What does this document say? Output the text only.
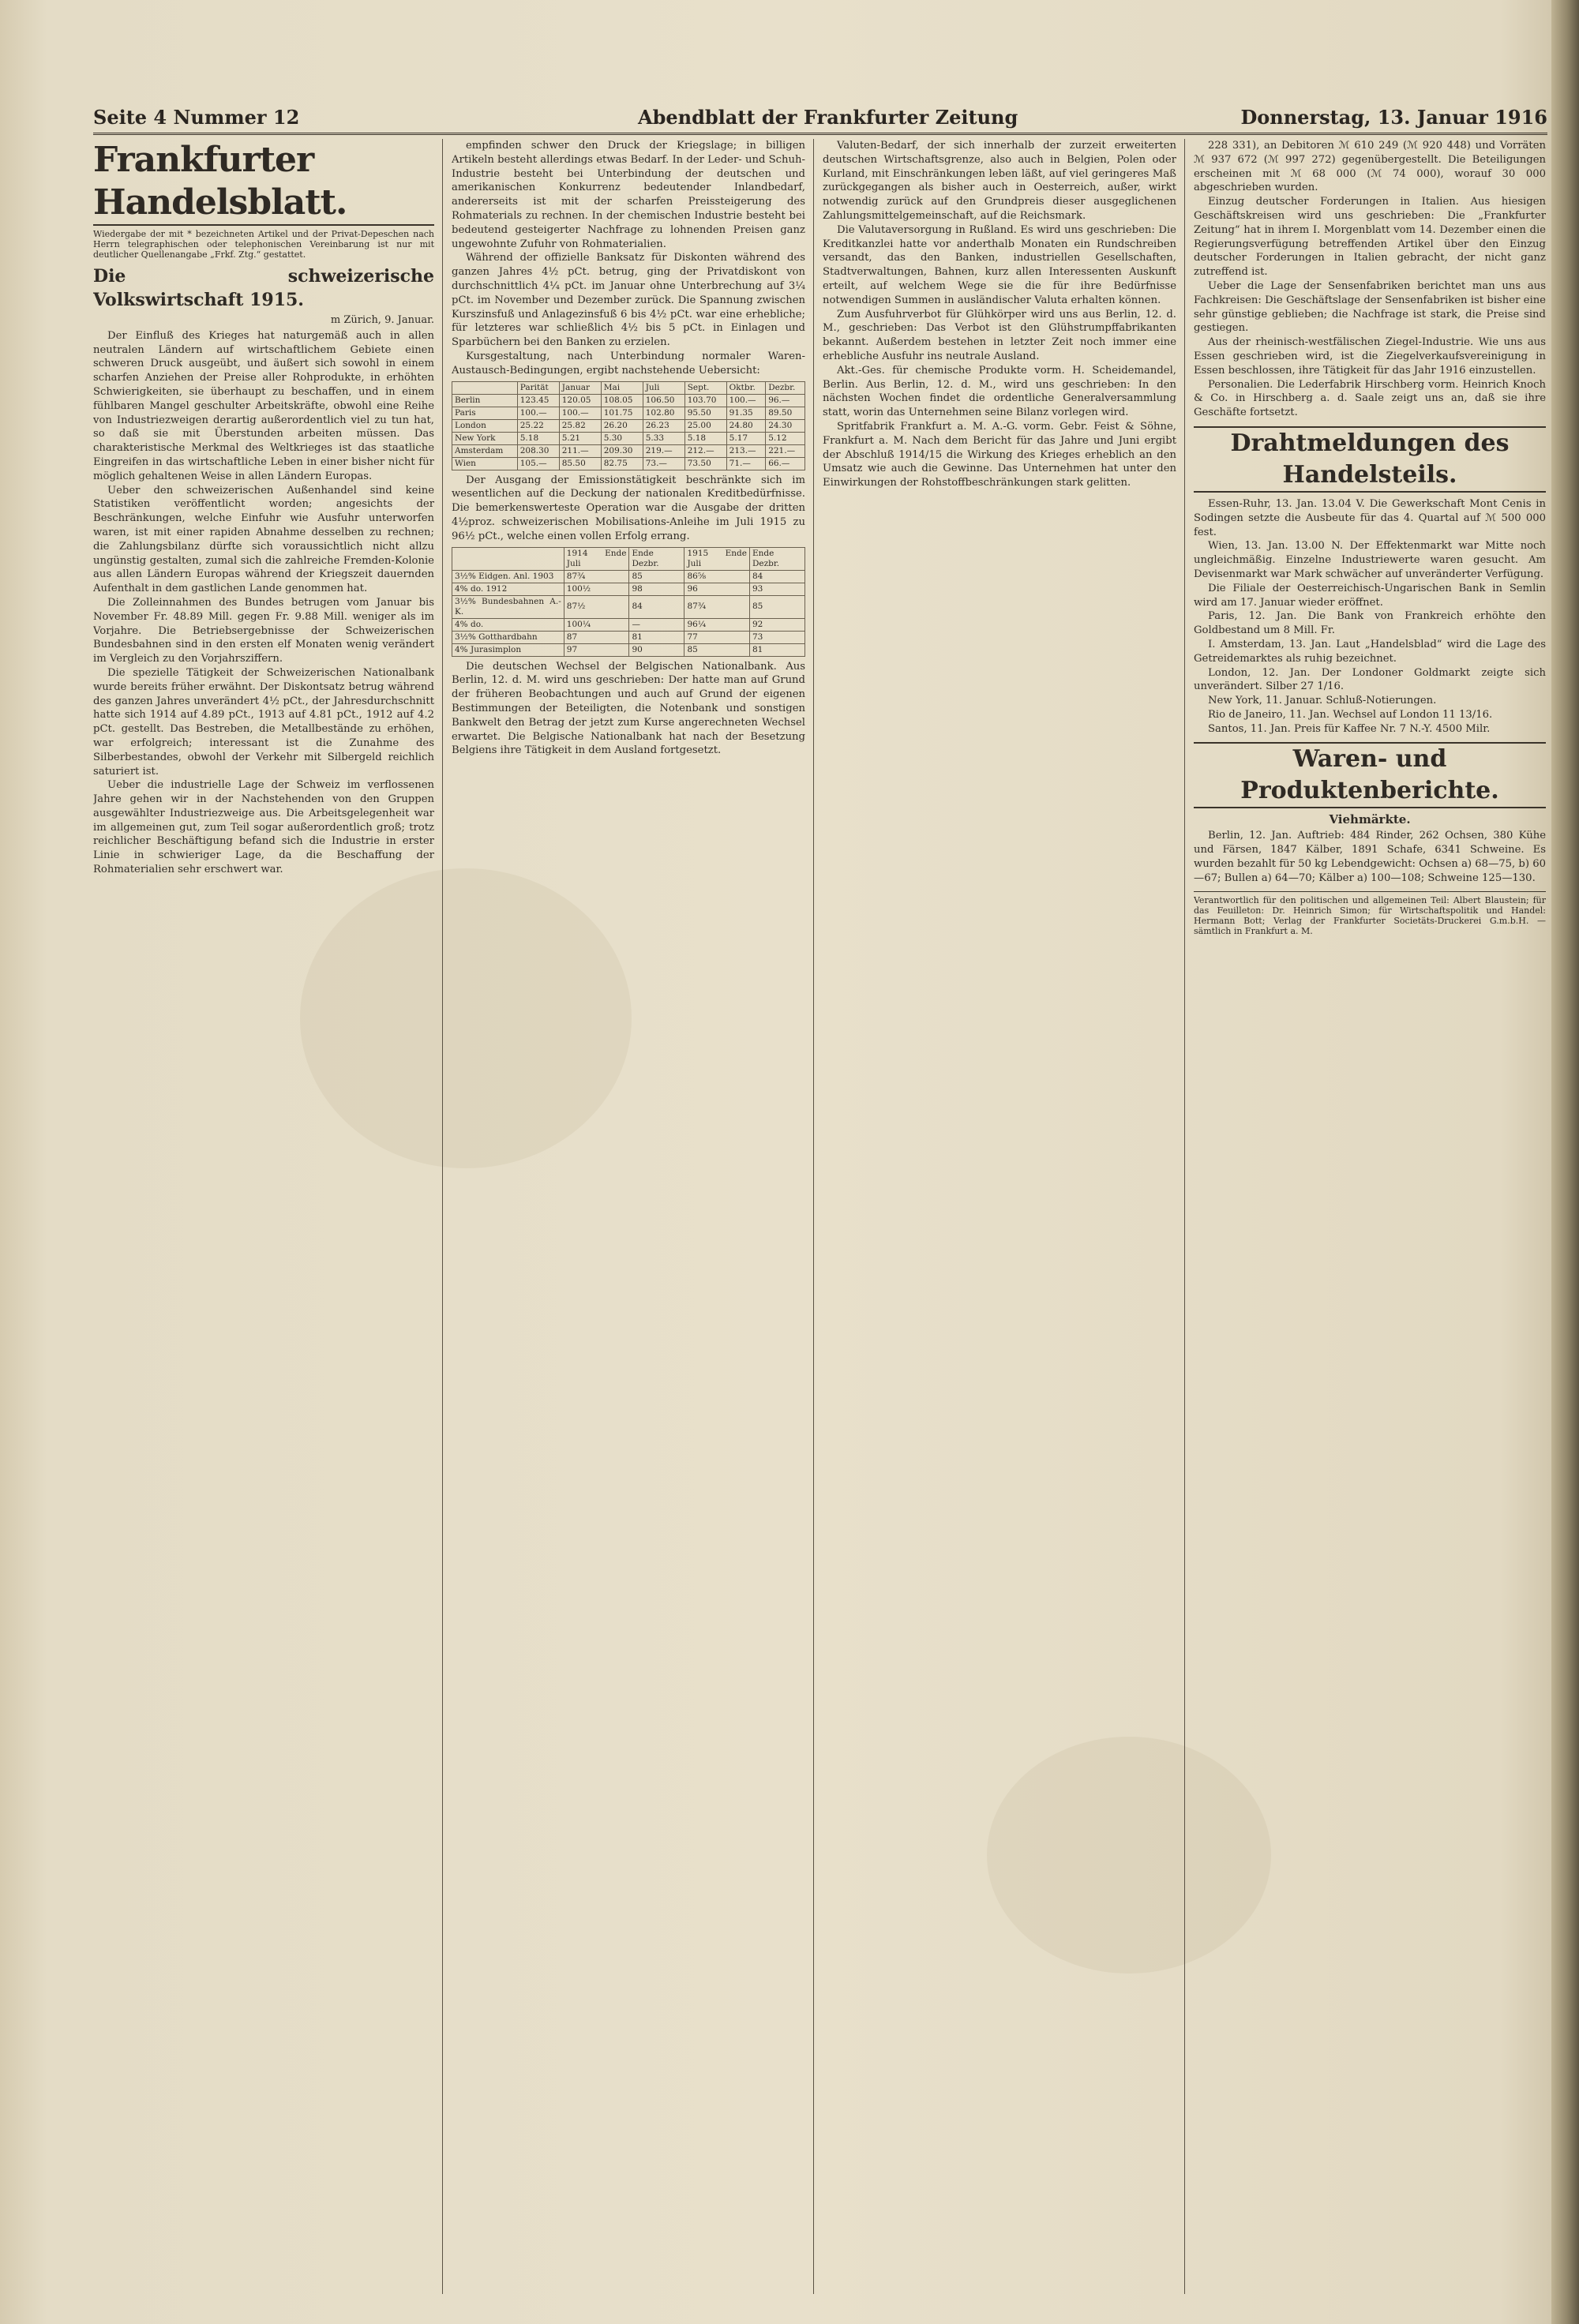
Seite 4 Nummer 12	Abendblatt der Frankfurter Zeitung	Donnerstag, 13. Januar 1916
Frankfurter Handelsblatt.
Wiedergabe der mit * bezeichneten Artikel und der Privat-Depeschen nach Herrn telegraphischen oder telephonischen Vereinbarung ist nur mit deutlicher Quellenangabe „Frkf. Ztg.“ gestattet.
Die schweizerische Volkswirtschaft 1915.
m Zürich, 9. Januar.

Der Einfluß des Krieges hat naturgemäß auch in allen neutralen Ländern auf wirtschaftlichem Gebiete einen schweren Druck ausgeübt, und äußert sich sowohl in einem scharfen Anziehen der Preise aller Rohprodukte, in erhöhten Schwierigkeiten, sie überhaupt zu beschaffen, und in einem fühlbaren Mangel geschulter Arbeitskräfte, obwohl eine Reihe von Industriezweigen derartig außerordentlich viel zu tun hat, so daß sie mit Überstunden arbeiten müssen. Das charakteristische Merkmal des Weltkrieges ist das staatliche Eingreifen in das wirtschaftliche Leben in einer bisher nicht für möglich gehaltenen Weise in allen Ländern Europas.

Ueber den schweizerischen Außenhandel sind keine Statistiken veröffentlicht worden; angesichts der Beschränkungen, welche Einfuhr wie Ausfuhr unterworfen waren, ist mit einer rapiden Abnahme desselben zu rechnen; die Zahlungsbilanz dürfte sich voraussichtlich nicht allzu ungünstig gestalten, zumal sich die zahlreiche Fremden-Kolonie aus allen Ländern Europas während der Kriegszeit dauernden Aufenthalt in dem gastlichen Lande genommen hat.

Die Zolleinnahmen des Bundes betrugen vom Januar bis November Fr. 48.89 Mill. gegen Fr. 9.88 Mill. weniger als im Vorjahre. Die Betriebsergebnisse der Schweizerischen Bundesbahnen sind in den ersten elf Monaten wenig verändert im Vergleich zu den Vorjahrsziffern.

Die spezielle Tätigkeit der Schweizerischen Nationalbank wurde bereits früher erwähnt. Der Diskontsatz betrug während des ganzen Jahres unverändert 4½ pCt., der Jahresdurchschnitt hatte sich 1914 auf 4.89 pCt., 1913 auf 4.81 pCt., 1912 auf 4.2 pCt. gestellt. Das Bestreben, die Metallbestände zu erhöhen, war erfolgreich; interessant ist die Zunahme des Silberbestandes, obwohl der Verkehr mit Silbergeld reichlich saturiert ist.

Ueber die industrielle Lage der Schweiz im verflossenen Jahre gehen wir in der Nachstehenden von den Gruppen ausgewählter Industriezweige aus. Die Arbeitsgelegenheit war im allgemeinen gut, zum Teil sogar außerordentlich groß; trotz reichlicher Beschäftigung befand sich die Industrie in erster Linie in schwieriger Lage, da die Beschaffung der Rohmaterialien sehr erschwert war.

empfinden schwer den Druck der Kriegslage; in billigen Artikeln besteht allerdings etwas Bedarf. In der Leder- und Schuh-Industrie besteht bei Unterbindung der deutschen und amerikanischen Konkurrenz bedeutender Inlandbedarf, andererseits ist mit der scharfen Preissteigerung des Rohmaterials zu rechnen. In der chemischen Industrie besteht bei bedeutend gesteigerter Nachfrage zu lohnenden Preisen ganz ungewohnte Zufuhr von Rohmaterialien.

Während der offizielle Banksatz für Diskonten während des ganzen Jahres 4½ pCt. betrug, ging der Privatdiskont von durchschnittlich 4¼ pCt. im Januar ohne Unterbrechung auf 3¼ pCt. im November und Dezember zurück. Die Spannung zwischen Kurszinsfuß und Anlagezinsfuß 6 bis 4½ pCt. war eine erhebliche; für letzteres war schließlich 4½ bis 5 pCt. in Einlagen und Sparbüchern bei den Banken zu erzielen.

Kursgestaltung, nach Unterbindung normaler Waren-Austausch-Bedingungen, ergibt nachstehende Uebersicht:

	Parität	Januar	Mai	Juli	Sept.	Oktbr.	Dezbr.
Berlin	123.45	120.05	108.05	106.50	103.70	100.—	96.—
Paris	100.—	100.—	101.75	102.80	95.50	91.35	89.50
London	25.22	25.82	26.20	26.23	25.00	24.80	24.30
New York	5.18	5.21	5.30	5.33	5.18	5.17	5.12
Amsterdam	208.30	211.—	209.30	219.—	212.—	213.—	221.—
Wien	105.—	85.50	82.75	73.—	73.50	71.—	66.—

Der Ausgang der Emissionstätigkeit beschränkte sich im wesentlichen auf die Deckung der nationalen Kreditbedürfnisse. Die bemerkenswerteste Operation war die Ausgabe der dritten 4½proz. schweizerischen Mobilisations-Anleihe im Juli 1915 zu 96½ pCt., welche einen vollen Erfolg errang.

	1914 Ende Juli	Ende Dezbr.	1915 Ende Juli	Ende Dezbr.
3½% Eidgen. Anl. 1903	87¾	85	86⅝	84
4% do. 1912	100½	98	96	93
3½% Bundesbahnen A.-K.	87½	84	87¾	85
4% do.	100¼	—	96¼	92
3½% Gotthardbahn	87	81	77	73
4% Jurasimplon	97	90	85	81

Die deutschen Wechsel der Belgischen Nationalbank. Aus Berlin, 12. d. M. wird uns geschrieben: Der hatte man auf Grund der früheren Beobachtungen und auch auf Grund der eigenen Bestimmungen der Beteiligten, die Notenbank und sonstigen Bankwelt den Betrag der jetzt zum Kurse angerechneten Wechsel erwartet. Die Belgische Nationalbank hat nach der Besetzung Belgiens ihre Tätigkeit in dem Ausland fortgesetzt.

Valuten-Bedarf, der sich innerhalb der zurzeit erweiterten deutschen Wirtschaftsgrenze, also auch in Belgien, Polen oder Kurland, mit Einschränkungen leben läßt, auf viel geringeres Maß zurückgegangen als bisher auch in Oesterreich, außer, wirkt notwendig zurück auf den Grundpreis dieser ausgeglichenen Zahlungsmittelgemeinschaft, auf die Reichsmark.

Die Valutaversorgung in Rußland. Es wird uns geschrieben: Die Kreditkanzlei hatte vor anderthalb Monaten ein Rundschreiben versandt, das den Banken, industriellen Gesellschaften, Stadtverwaltungen, Bahnen, kurz allen Interessenten Auskunft erteilt, auf welchem Wege sie die für ihre Bedürfnisse notwendigen Summen in ausländischer Valuta erhalten können.

Zum Ausfuhrverbot für Glühkörper wird uns aus Berlin, 12. d. M., geschrieben: Das Verbot ist den Glühstrumpffabrikanten bekannt. Außerdem bestehen in letzter Zeit noch immer eine erhebliche Ausfuhr ins neutrale Ausland.

Akt.-Ges. für chemische Produkte vorm. H. Scheidemandel, Berlin. Aus Berlin, 12. d. M., wird uns geschrieben: In den nächsten Wochen findet die ordentliche Generalversammlung statt, worin das Unternehmen seine Bilanz vorlegen wird.

Spritfabrik Frankfurt a. M. A.-G. vorm. Gebr. Feist & Söhne, Frankfurt a. M. Nach dem Bericht für das Jahre und Juni ergibt der Abschluß 1914/15 die Wirkung des Krieges erheblich an den Umsatz wie auch die Gewinne. Das Unternehmen hat unter den Einwirkungen der Rohstoffbeschränkungen stark gelitten.

228 331), an Debitoren ℳ 610 249 (ℳ 920 448) und Vorräten ℳ 937 672 (ℳ 997 272) gegenübergestellt. Die Beteiligungen erscheinen mit ℳ 68 000 (ℳ 74 000), worauf 30 000 abgeschrieben wurden.

Einzug deutscher Forderungen in Italien. Aus hiesigen Geschäftskreisen wird uns geschrieben: Die „Frankfurter Zeitung“ hat in ihrem I. Morgenblatt vom 14. Dezember einen die Regierungsverfügung betreffenden Artikel über den Einzug deutscher Forderungen in Italien gebracht, der nicht ganz zutreffend ist.

Ueber die Lage der Sensenfabriken berichtet man uns aus Fachkreisen: Die Geschäftslage der Sensenfabriken ist bisher eine sehr günstige geblieben; die Nachfrage ist stark, die Preise sind gestiegen.

Aus der rheinisch-westfälischen Ziegel-Industrie. Wie uns aus Essen geschrieben wird, ist die Ziegelverkaufsvereinigung in Essen beschlossen, ihre Tätigkeit für das Jahr 1916 einzustellen.

Personalien. Die Lederfabrik Hirschberg vorm. Heinrich Knoch & Co. in Hirschberg a. d. Saale zeigt uns an, daß sie ihre Geschäfte fortsetzt.

Drahtmeldungen des Handelsteils.

Essen-Ruhr, 13. Jan. 13.04 V. Die Gewerkschaft Mont Cenis in Sodingen setzte die Ausbeute für das 4. Quartal auf ℳ 500 000 fest.

Wien, 13. Jan. 13.00 N. Der Effektenmarkt war Mitte noch ungleichmäßig. Einzelne Industriewerte waren gesucht. Am Devisenmarkt war Mark schwächer auf unveränderter Verfügung.

Die Filiale der Oesterreichisch-Ungarischen Bank in Semlin wird am 17. Januar wieder eröffnet.

Paris, 12. Jan. Die Bank von Frankreich erhöhte den Goldbestand um 8 Mill. Fr.

I. Amsterdam, 13. Jan. Laut „Handelsblad“ wird die Lage des Getreidemarktes als ruhig bezeichnet.

London, 12. Jan. Der Londoner Goldmarkt zeigte sich unverändert. Silber 27 1/16.

New York, 11. Januar. Schluß-Notierungen.

Rio de Janeiro, 11. Jan. Wechsel auf London 11 13/16.

Santos, 11. Jan. Preis für Kaffee Nr. 7 N.-Y. 4500 Milr.

Waren- und Produktenberichte.
Viehmärkte.

Berlin, 12. Jan. Auftrieb: 484 Rinder, 262 Ochsen, 380 Kühe und Färsen, 1847 Kälber, 1891 Schafe, 6341 Schweine. Es wurden bezahlt für 50 kg Lebendgewicht: Ochsen a) 68—75, b) 60—67; Bullen a) 64—70; Kälber a) 100—108; Schweine 125—130.

Verantwortlich für den politischen und allgemeinen Teil: Albert Blaustein; für das Feuilleton: Dr. Heinrich Simon; für Wirtschaftspolitik und Handel: Hermann Bott; Verlag der Frankfurter Societäts-Druckerei G.m.b.H. — sämtlich in Frankfurt a. M.
